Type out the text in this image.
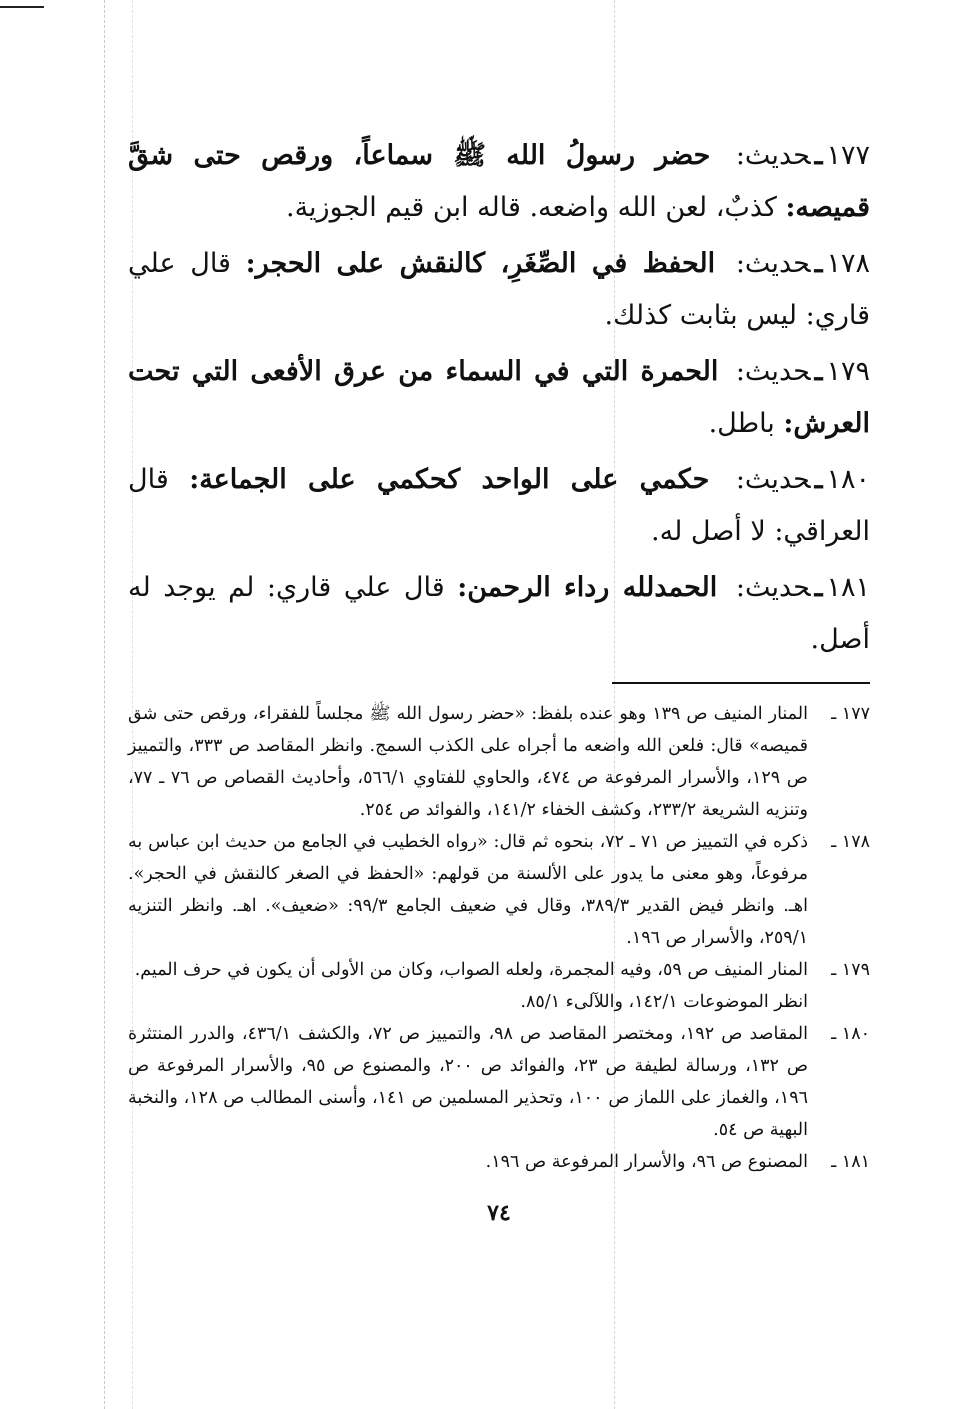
١٧٧ـحديث: حضر رسولُ الله ﷺ سماعاً، ورقص حتى شقَّ قميصه: كذبٌ، لعن الله واضعه. قاله ابن قيم الجوزية.

١٧٨ـحديث: الحفظ في الصِّغَرِ، كالنقش على الحجر: قال علي قاري: ليس بثابت كذلك.

١٧٩ـحديث: الحمرة التي في السماء من عرق الأفعى التي تحت العرش: باطل.

١٨٠ـحديث: حكمي على الواحد كحكمي على الجماعة: قال العراقي: لا أصل له.

١٨١ـحديث: الحمدلله رداء الرحمن: قال علي قاري: لم يوجد له أصل.

١٧٧ ـ

المنار المنيف ص ١٣٩ وهو عنده بلفظ: «حضر رسول الله ﷺ مجلساً للفقراء، ورقص حتى شق قميصه» قال: فلعن الله واضعه ما أجراه على الكذب السمج. وانظر المقاصد ص ٣٣٣، والتمييز ص ١٢٩، والأسرار المرفوعة ص ٤٧٤، والحاوي للفتاوي ٥٦٦/١، وأحاديث القصاص ص ٧٦ ـ ٧٧، وتنزيه الشريعة ٢٣٣/٢، وكشف الخفاء ١٤١/٢، والفوائد ص ٢٥٤.

١٧٨ ـ

ذكره في التمييز ص ٧١ ـ ٧٢، بنحوه ثم قال: «رواه الخطيب في الجامع من حديث ابن عباس به مرفوعاً، وهو معنى ما يدور على الألسنة من قولهم: «الحفظ في الصغر كالنقش في الحجر». اهـ. وانظر فيض القدير ٣٨٩/٣، وقال في ضعيف الجامع ٩٩/٣: «ضعيف». اهـ. وانظر التنزيه ٢٥٩/١، والأسرار ص ١٩٦.

١٧٩ ـ

المنار المنيف ص ٥٩، وفيه المجمرة، ولعله الصواب، وكان من الأولى أن يكون في حرف الميم.

انظر الموضوعات ١٤٢/١، واللآلىء ٨٥/١.

١٨٠ ـ

المقاصد ص ١٩٢، ومختصر المقاصد ص ٩٨، والتمييز ص ٧٢، والكشف ٤٣٦/١، والدرر المنتثرة ص ١٣٢، ورسالة لطيفة ص ٢٣، والفوائد ص ٢٠٠، والمصنوع ص ٩٥، والأسرار المرفوعة ص ١٩٦، والغماز على اللماز ص ١٠٠، وتحذير المسلمين ص ١٤١، وأسنى المطالب ص ١٢٨، والنخبة البهية ص ٥٤.

١٨١ ـ

المصنوع ص ٩٦، والأسرار المرفوعة ص ١٩٦.

٧٤
